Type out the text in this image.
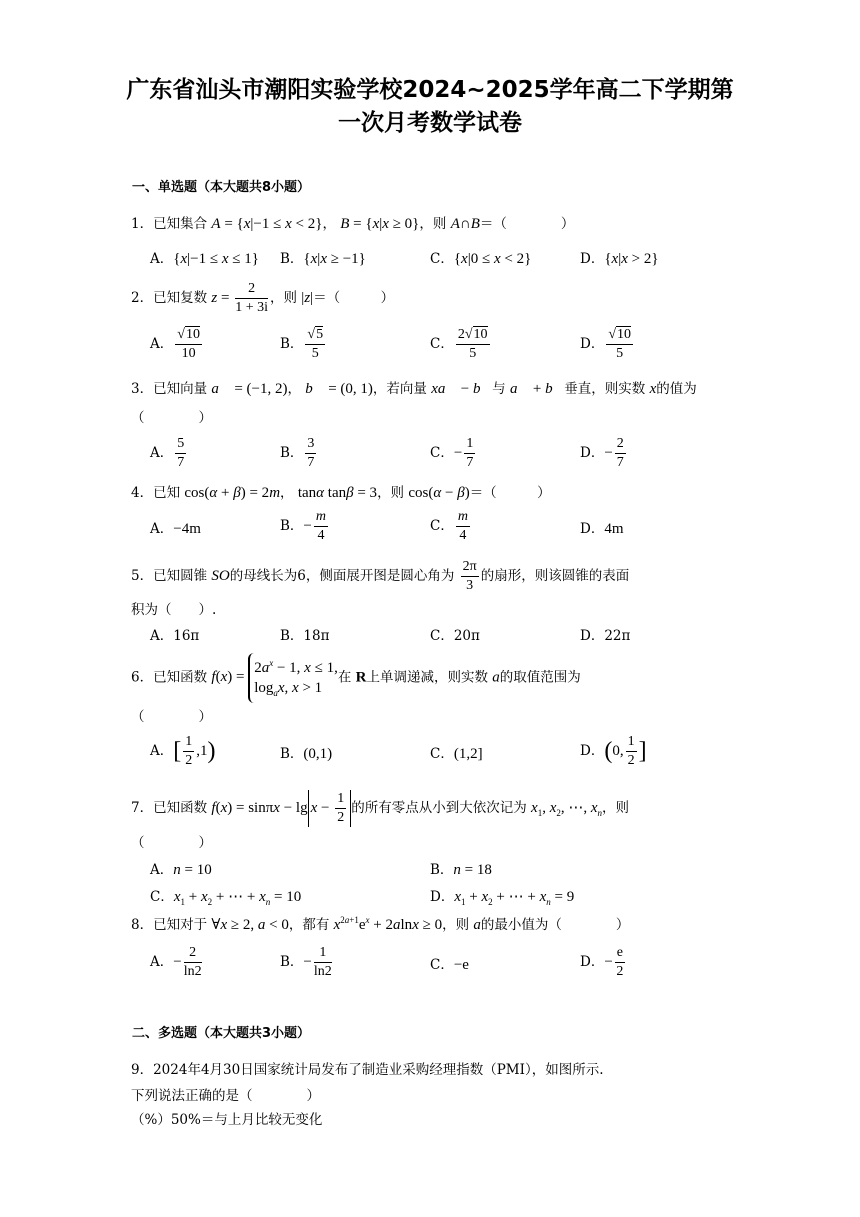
广东省汕头市潮阳实验学校2024~2025学年高二下学期第
一次月考数学试卷
一、单选题（本大题共8小题）
1．已知集合 A = {x|−1 ≤ x < 2}， B = {x|x ≥ 0}，则 A∩B＝（　　　　）
A．{x|−1 ≤ x ≤ 1} B．{x|x ≥ −1}	C．{x|0 ≤ x < 2}	D．{x|x > 2}
2．已知复数 $z = \frac{2}{1 + 3i}$ ，则 |z|＝（　　　）
A． $\frac{√10}{10}$	B． $\frac{√5}{5}$	C． $\frac{2√10}{5}$	D． $\frac{√10}{5}$
3．已知向量 a⃗ = (−1, 2)， b⃗ = (0, 1)，若向量 xa⃗ − b⃗与 a⃗ + b⃗垂直，则实数 x的值为
（　　　　）
A． $\frac{5}{7}$	B． $\frac{3}{7}$	C．− $\frac{1}{7}$	D．− $\frac{2}{7}$
4．已知 cos(α + β) = 2m， tanα tanβ = 3，则 cos(α − β)＝（　　　）
A．−4m	B．− $\frac{m}{4}$	C． $\frac{m}{4}$	D．4m
5．已知圆锥 SO的母线长为6，侧面展开图是圆心角为 $\frac{2\pi}{3}$ 的扇形，则该圆锥的表面
积为（　　）.
A．16π	B．18π	C．20π	D．22π
6．已知函数 f(x) =
$2a^x - 1$, x ≤ 1,
$\log_ax$, x > 1
在 R上单调递减，则实数 a的取值范围为
（　　　　）
A．[ $\frac{1}{2} ,1$)	B．(0,1)	C．(1,2]	D．(0, $\frac{1}{2}$ ]
7．已知函数 $f(x) = \sin\pi x - \lg x - \frac{1}{2}$ 的所有零点从小到大依次记为 $x_1$, $x_2$, ⋯, $x_n$，则
（　　　　）
A．n = 10	B．n = 18
C．$x_1 + x_2$ + ⋯ + $x_n = 10$	D．$x_1 + x_2$ + ⋯ + $x_n = 9$
8．已知对于 ∀x ≥ 2, a < 0，都有 $x^{2a+1}e^x + 2alnx \ge 0$，则 a的最小值为（　　　　）
A．− $\frac{2}{\ln 2}$	B．− $\frac{1}{\ln 2}$	C．−e	D．− $\frac{e}{2}$
二、多选题（本大题共3小题）
9．2024年4月30日国家统计局发布了制造业采购经理指数（PMI），如图所示.
下列说法正确的是（　　　　）
（%）50%＝与上月比较无变化
